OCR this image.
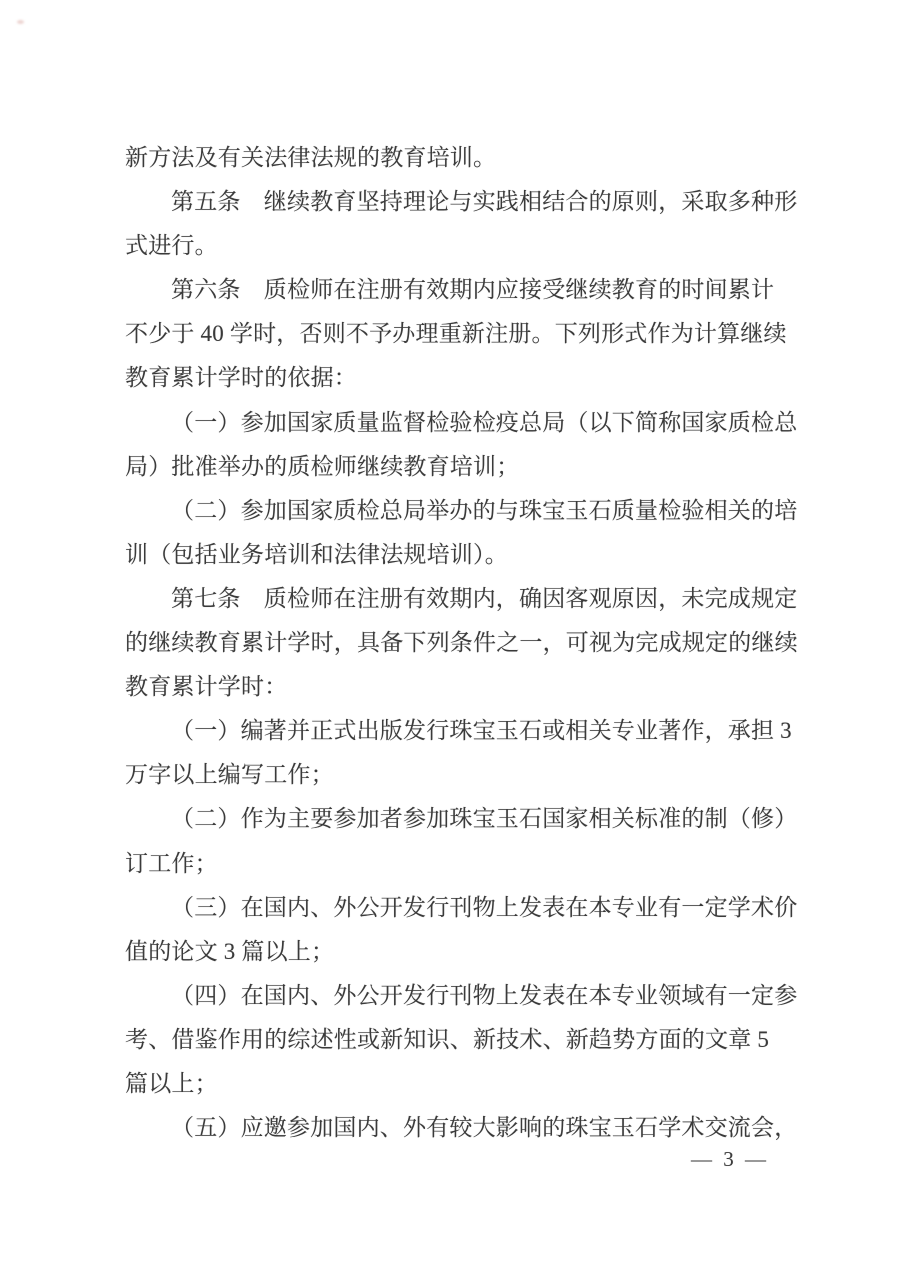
新方法及有关法律法规的教育培训。
第五条　继续教育坚持理论与实践相结合的原则，采取多种形
式进行。
第六条　质检师在注册有效期内应接受继续教育的时间累计
不少于 40 学时，否则不予办理重新注册。下列形式作为计算继续
教育累计学时的依据：
（一）参加国家质量监督检验检疫总局（以下简称国家质检总
局）批准举办的质检师继续教育培训；
（二）参加国家质检总局举办的与珠宝玉石质量检验相关的培
训（包括业务培训和法律法规培训）。
第七条　质检师在注册有效期内，确因客观原因，未完成规定
的继续教育累计学时，具备下列条件之一，可视为完成规定的继续
教育累计学时：
（一）编著并正式出版发行珠宝玉石或相关专业著作，承担 3
万字以上编写工作；
（二）作为主要参加者参加珠宝玉石国家相关标准的制（修）
订工作；
（三）在国内、外公开发行刊物上发表在本专业有一定学术价
值的论文 3 篇以上；
（四）在国内、外公开发行刊物上发表在本专业领域有一定参
考、借鉴作用的综述性或新知识、新技术、新趋势方面的文章 5
篇以上；
（五）应邀参加国内、外有较大影响的珠宝玉石学术交流会，
— 3 —
